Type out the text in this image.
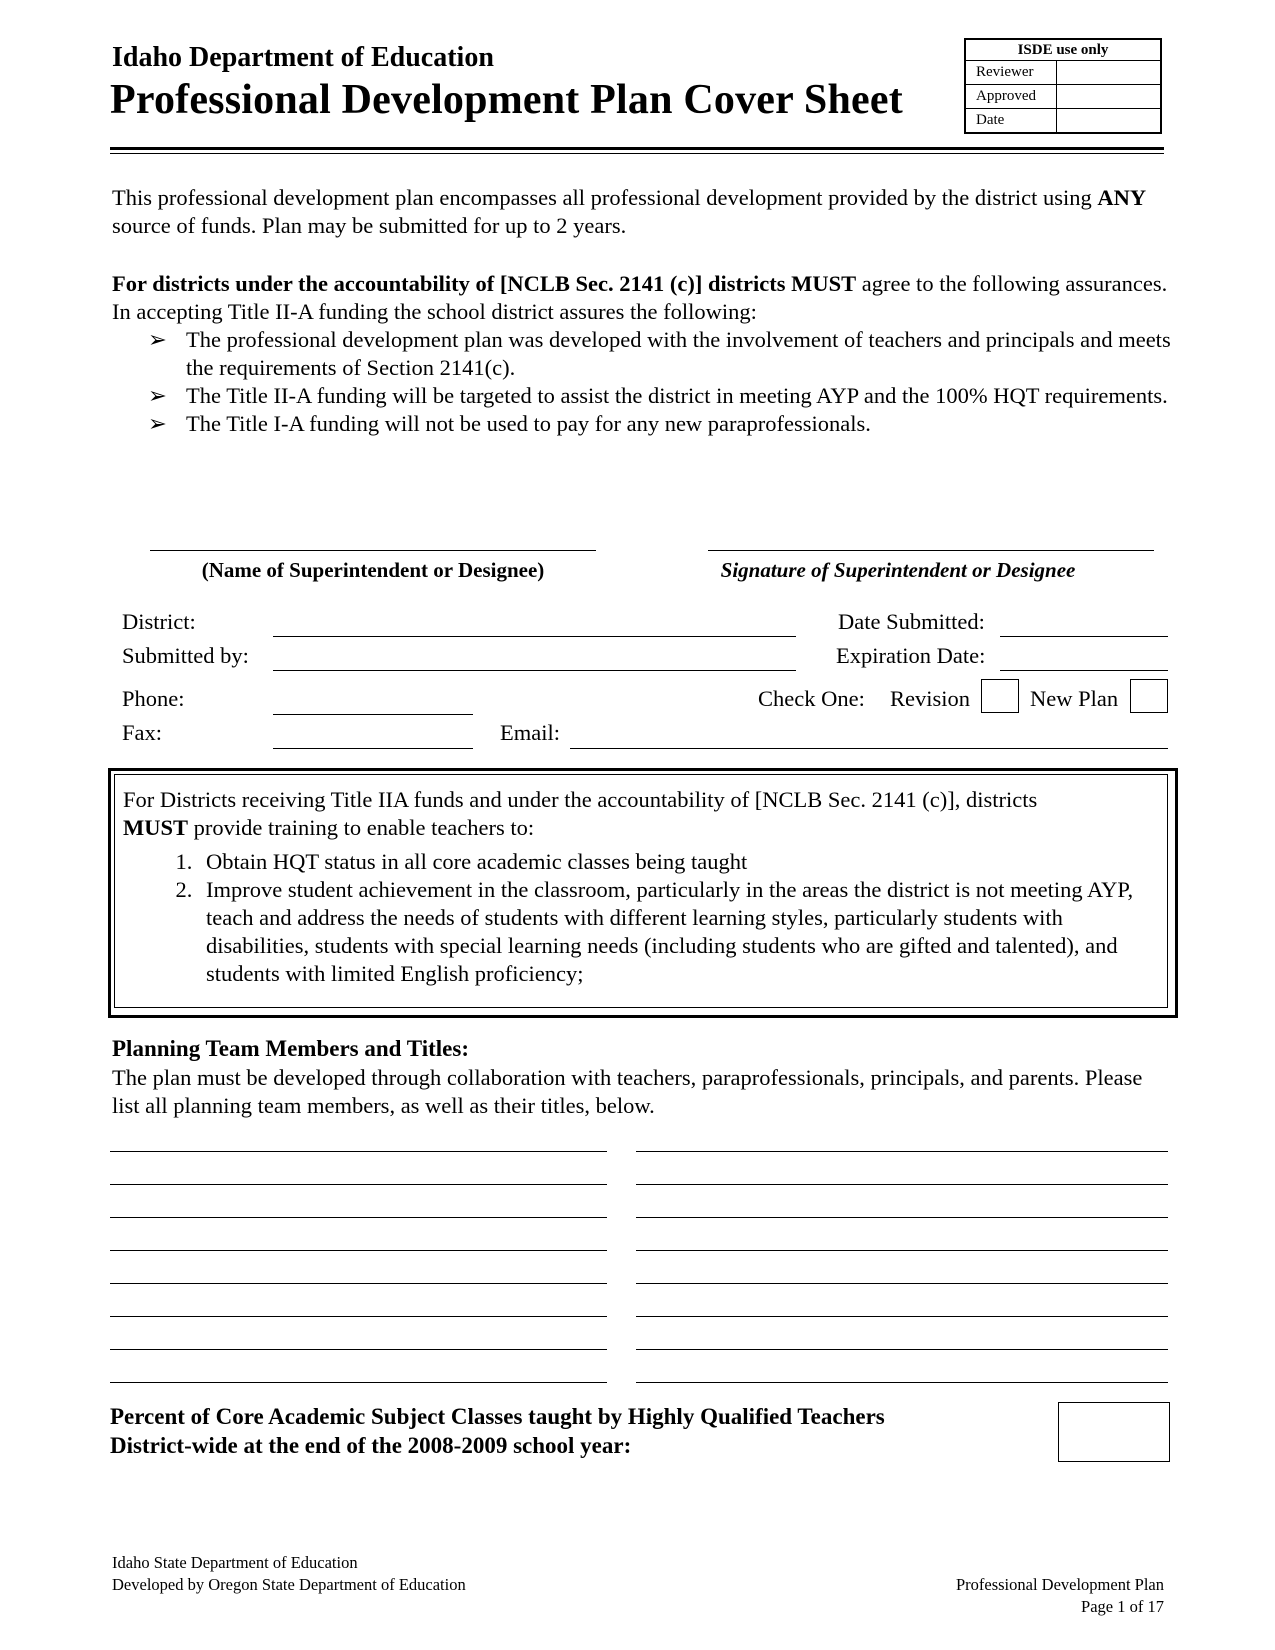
Idaho Department of Education
Professional Development Plan Cover Sheet
ISDE use only	
Reviewer	
Approved	
Date	
This professional development plan encompasses all professional development provided by the district using ANY source of funds. Plan may be submitted for up to 2 years.
For districts under the accountability of [NCLB Sec. 2141 (c)] districts MUST agree to the following assurances.
In accepting Title II-A funding the school district assures the following:
➢ The professional development plan was developed with the involvement of teachers and principals and meets the requirements of Section 2141(c).
➢ The Title II-A funding will be targeted to assist the district in meeting AYP and the 100% HQT requirements.
➢ The Title I-A funding will not be used to pay for any new paraprofessionals.
(Name of Superintendent or Designee)	Signature of Superintendent or Designee
District:
Submitted by:
Date Submitted:
Expiration Date:
Phone:
Fax:	Email:
Check One: Revision	New Plan
For Districts receiving Title IIA funds and under the accountability of [NCLB Sec. 2141 (c)], districts
MUST provide training to enable teachers to:
1. Obtain HQT status in all core academic classes being taught
2. Improve student achievement in the classroom, particularly in the areas the district is not meeting AYP, teach and address the needs of students with different learning styles, particularly students with disabilities, students with special learning needs (including students who are gifted and talented), and students with limited English proficiency;
Planning Team Members and Titles:
The plan must be developed through collaboration with teachers, paraprofessionals, principals, and parents. Please list all planning team members, as well as their titles, below.
Percent of Core Academic Subject Classes taught by Highly Qualified Teachers
District-wide at the end of the 2008-2009 school year:
Idaho State Department of Education
Developed by Oregon State Department of Education	Professional Development Plan
Page 1 of 17
